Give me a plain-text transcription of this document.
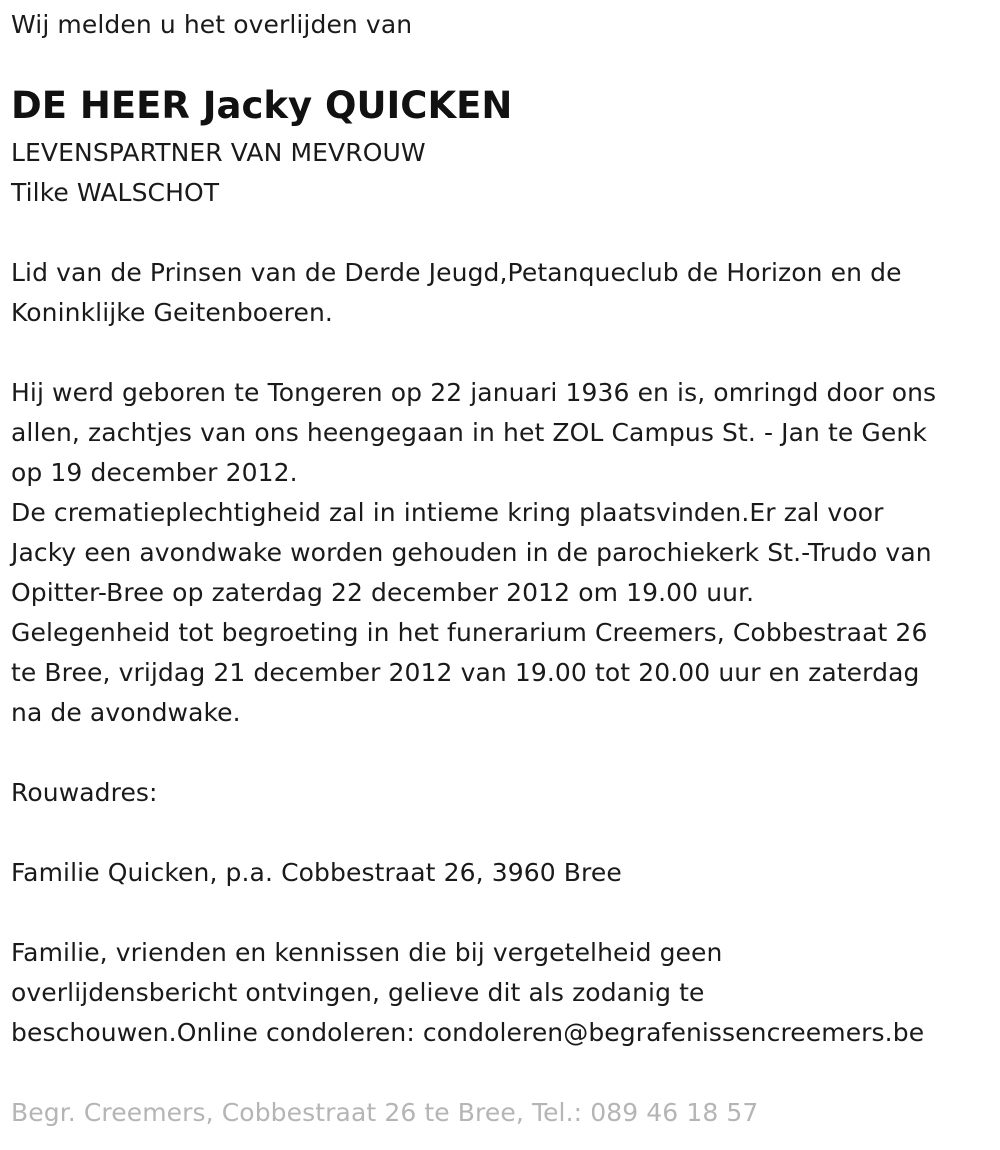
Wij melden u het overlijden van
DE HEER Jacky QUICKEN
LEVENSPARTNER VAN MEVROUW
Tilke WALSCHOT
Lid van de Prinsen van de Derde Jeugd,Petanqueclub de Horizon en de
Koninklijke Geitenboeren.
Hij werd geboren te Tongeren op 22 januari 1936 en is, omringd door ons
allen, zachtjes van ons heengegaan in het ZOL Campus St. - Jan te Genk
op 19 december 2012.
De crematieplechtigheid zal in intieme kring plaatsvinden.Er zal voor
Jacky een avondwake worden gehouden in de parochiekerk St.-Trudo van
Opitter-Bree op zaterdag 22 december 2012 om 19.00 uur.
Gelegenheid tot begroeting in het funerarium Creemers, Cobbestraat 26
te Bree, vrijdag 21 december 2012 van 19.00 tot 20.00 uur en zaterdag
na de avondwake.
Rouwadres:
Familie Quicken, p.a. Cobbestraat 26, 3960 Bree
Familie, vrienden en kennissen die bij vergetelheid geen
overlijdensbericht ontvingen, gelieve dit als zodanig te
beschouwen.Online condoleren: condoleren@begrafenissencreemers.be
Begr. Creemers, Cobbestraat 26 te Bree, Tel.: 089 46 18 57
